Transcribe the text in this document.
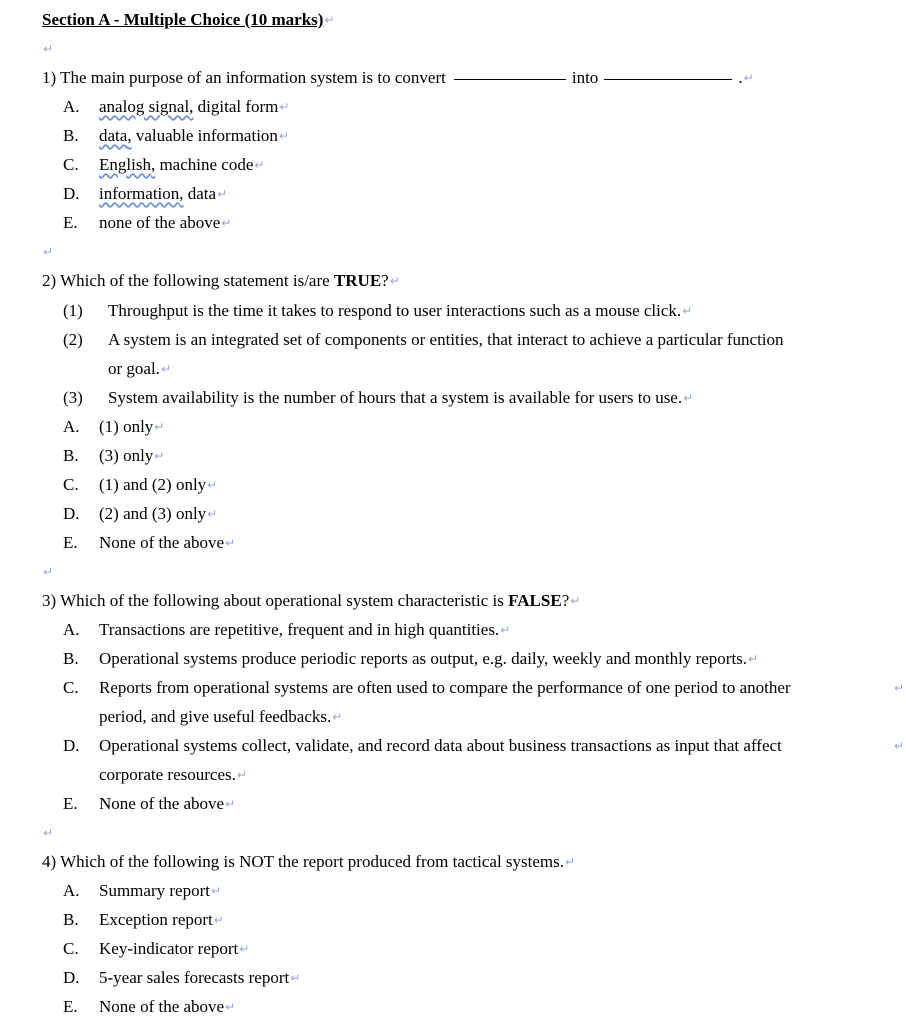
Section A - Multiple Choice (10 marks)↵
↵
1) The main purpose of an information system is to convert	into	.↵
A. analog signal, digital form↵
B. data, valuable information↵
C. English, machine code↵
D. information, data↵
E. none of the above↵
↵
2) Which of the following statement is/are TRUE?↵
(1) Throughput is the time it takes to respond to user interactions such as a mouse click.↵
(2) A system is an integrated set of components or entities, that interact to achieve a particular function
or goal.↵
(3) System availability is the number of hours that a system is available for users to use.↵
A. (1) only↵
B. (3) only↵
C. (1) and (2) only↵
D. (2) and (3) only↵
E. None of the above↵
↵
3) Which of the following about operational system characteristic is FALSE?↵
A. Transactions are repetitive, frequent and in high quantities.↵
B. Operational systems produce periodic reports as output, e.g. daily, weekly and monthly reports.↵
C. Reports from operational systems are often used to compare the performance of one period to another	↵
period, and give useful feedbacks.↵
D. Operational systems collect, validate, and record data about business transactions as input that affect	↵
corporate resources.↵
E. None of the above↵
↵
4) Which of the following is NOT the report produced from tactical systems.↵
A. Summary report↵
B. Exception report↵
C. Key-indicator report↵
D. 5-year sales forecasts report↵
E. None of the above↵
